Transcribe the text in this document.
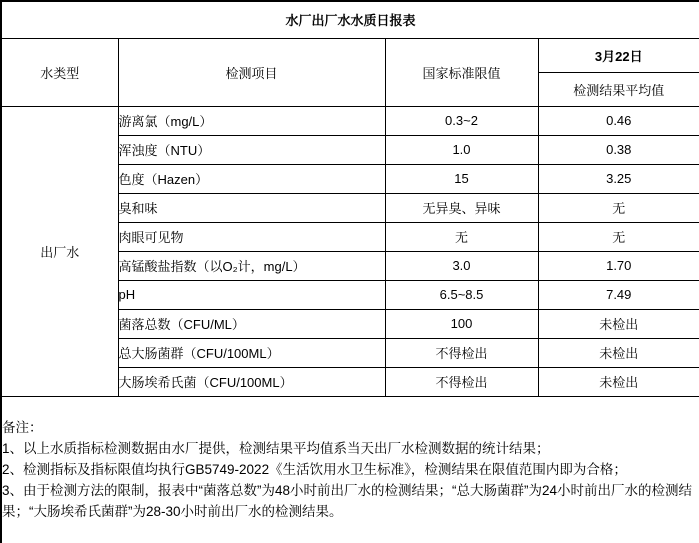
水厂出厂水水质日报表			
水类型	检测项目	国家标准限值	3月22日
			检测结果平均值
出厂水	游离氯（mg/L）	0.3~2	0.46
	浑浊度（NTU）	1.0	0.38
	色度（Hazen）	15	3.25
	臭和味	无异臭、异味	无
	肉眼可见物	无	无
	高锰酸盐指数（以O₂计，mg/L）	3.0	1.70
	pH	6.5~8.5	7.49
	菌落总数（CFU/ML）	100	未检出
	总大肠菌群（CFU/100ML）	不得检出	未检出
	大肠埃希氏菌（CFU/100ML）	不得检出	未检出

备注：
1、以上水质指标检测数据由水厂提供，检测结果平均值系当天出厂水检测数据的统计结果；
2、检测指标及指标限值均执行GB5749-2022《生活饮用水卫生标准》，检测结果在限值范围内即为合格；
3、由于检测方法的限制，报表中“菌落总数”为48小时前出厂水的检测结果；“总大肠菌群”为24小时前出厂水的检测结果；“大肠埃希氏菌群”为28-30小时前出厂水的检测结果。			
